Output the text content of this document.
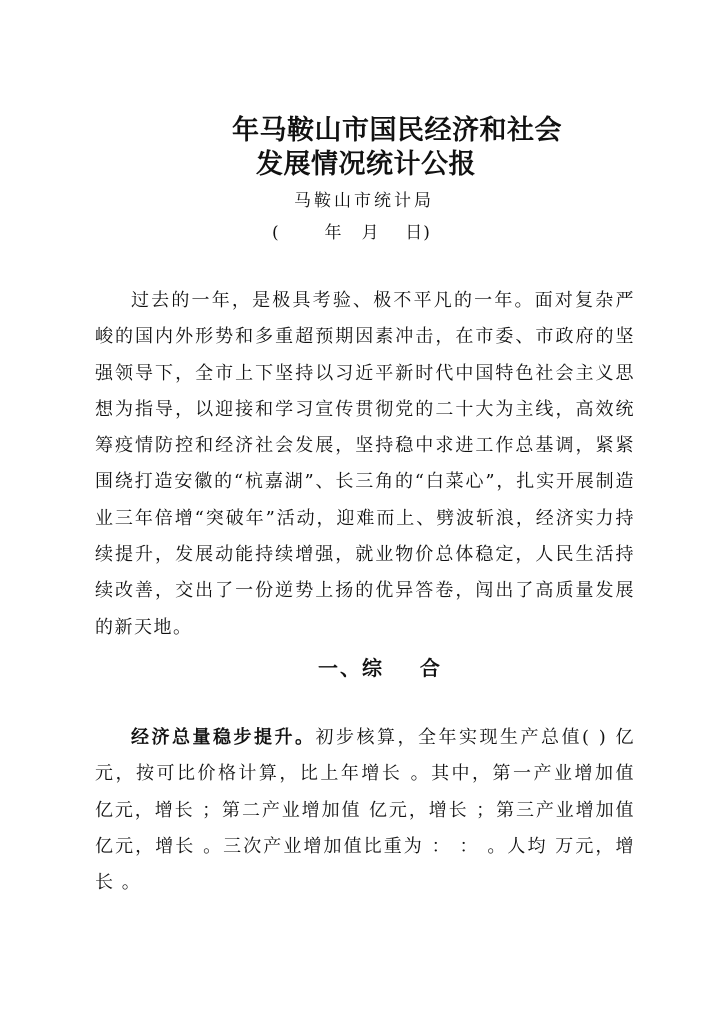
年马鞍山市国民经济和社会
发展情况统计公报
马鞍山市统计局
(       年   月    日)

过去的一年，是极具考验、极不平凡的一年。面对复杂严峻的国内外形势和多重超预期因素冲击，在市委、市政府的坚强领导下，全市上下坚持以习近平新时代中国特色社会主义思想为指导，以迎接和学习宣传贯彻党的二十大为主线，高效统筹疫情防控和经济社会发展，坚持稳中求进工作总基调，紧紧围绕打造安徽的“杭嘉湖”、长三角的“白菜心”，扎实开展制造业三年倍增“突破年”活动，迎难而上、劈波斩浪，经济实力持续提升，发展动能持续增强，就业物价总体稳定，人民生活持续改善，交出了一份逆势上扬的优异答卷，闯出了高质量发展的新天地。

一、综    合

经济总量稳步提升。初步核算，全年实现生产总值( ) 亿元，按可比价格计算，比上年增长 。其中，第一产业增加值 亿元，增长 ；第二产业增加值 亿元，增长 ；第三产业增加值 亿元，增长 。三次产业增加值比重为 ： ： 。人均 万元，增长 。
